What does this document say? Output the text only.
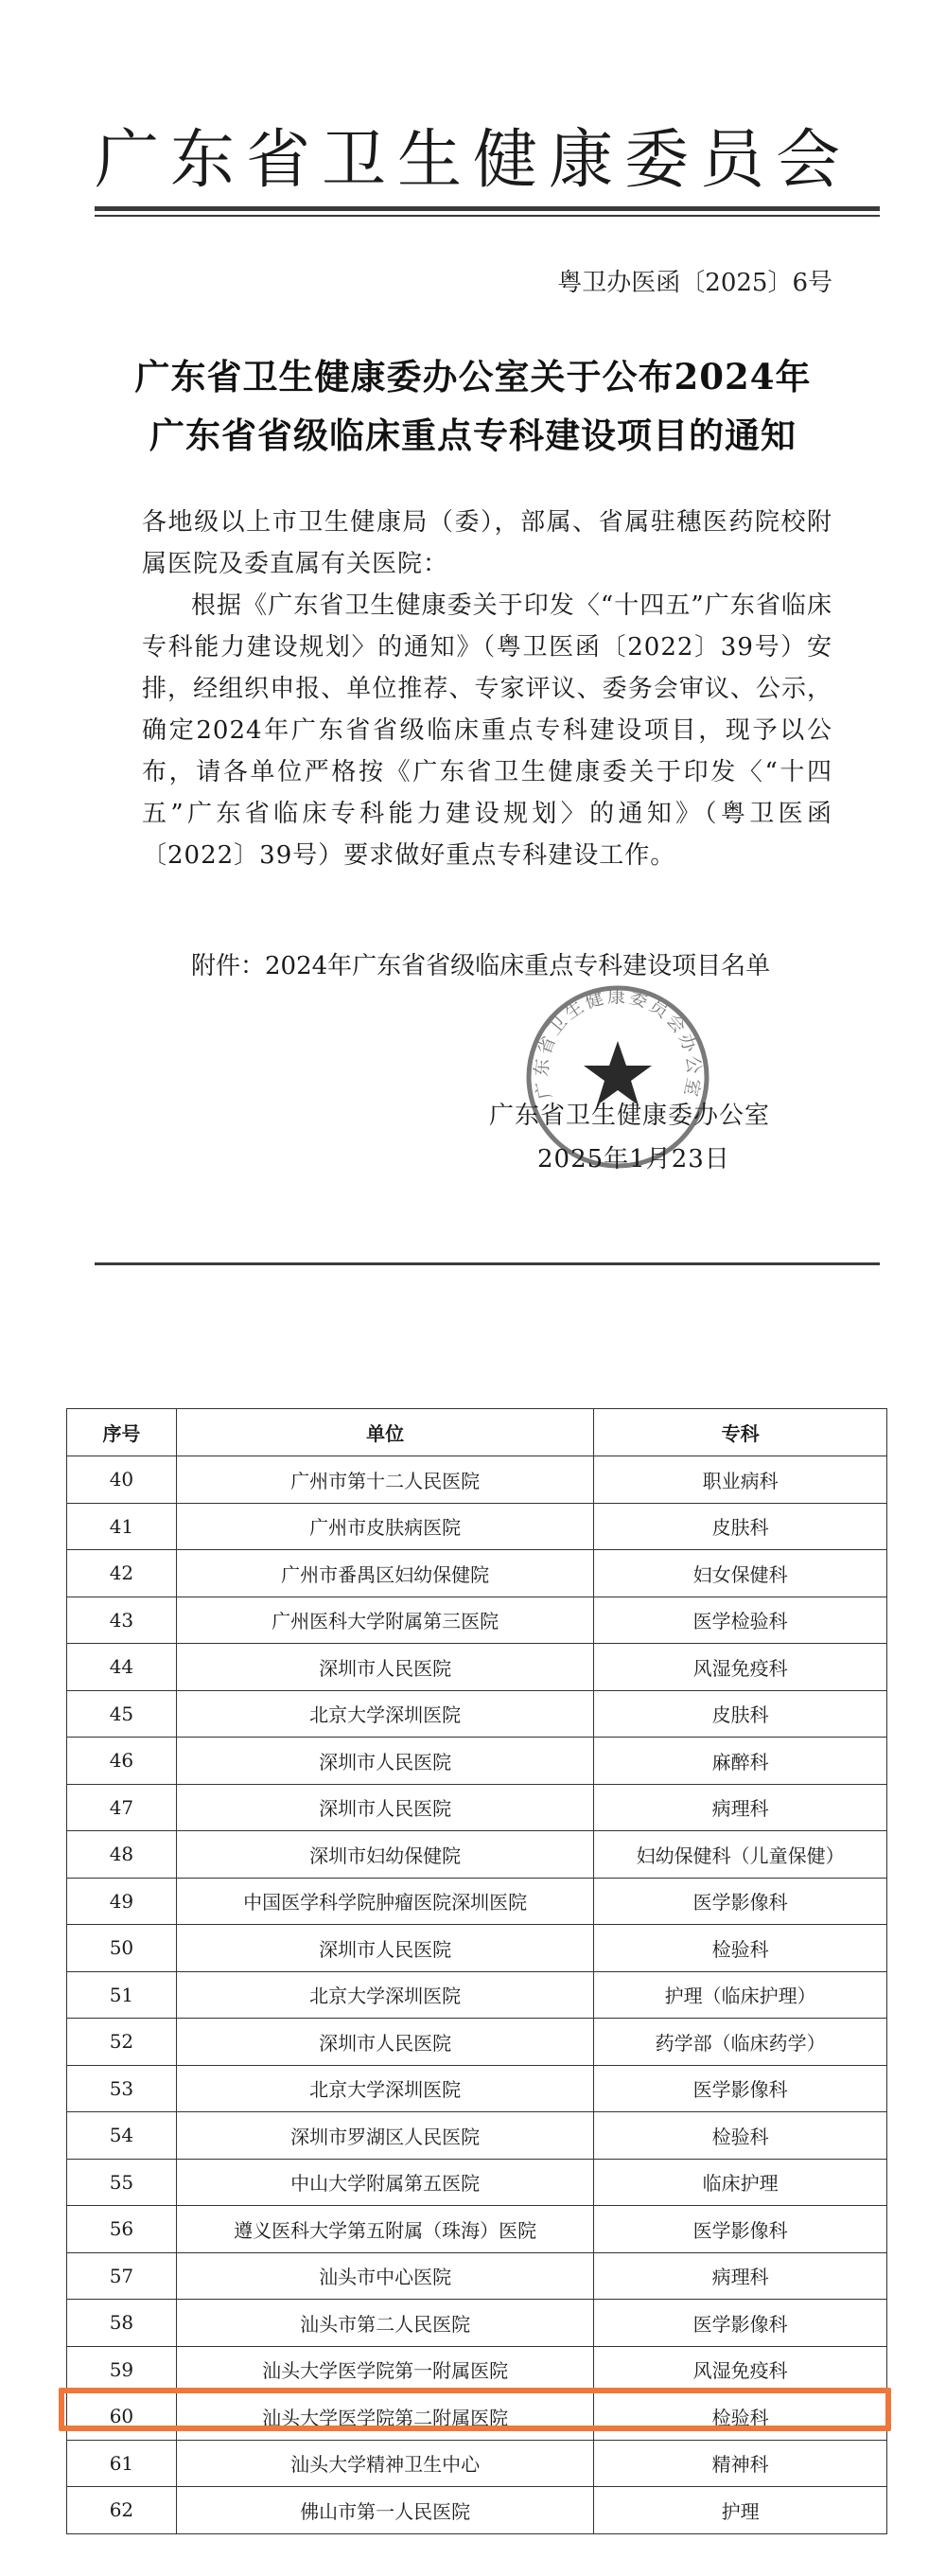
广东省卫生健康委员会
粤卫办医函〔2025〕6号
广东省卫生健康委办公室关于公布2024年
广东省省级临床重点专科建设项目的通知
各地级以上市卫生健康局（委），部属、省属驻穗医药院校附属医院及委直属有关医院：
根据《广东省卫生健康委关于印发〈“十四五”广东省临床专科能力建设规划〉的通知》（粤卫医函〔2022〕39号）安排，经组织申报、单位推荐、专家评议、委务会审议、公示，确定2024年广东省省级临床重点专科建设项目，现予以公布，请各单位严格按《广东省卫生健康委关于印发〈“十四五”广东省临床专科能力建设规划〉的通知》（粤卫医函〔2022〕39号）要求做好重点专科建设工作。
附件：2024年广东省省级临床重点专科建设项目名单
广东省卫生健康委员会办公室
广东省卫生健康委办公室
2025年1月23日
序号	单位	专科
40	广州市第十二人民医院	职业病科
41	广州市皮肤病医院	皮肤科
42	广州市番禺区妇幼保健院	妇女保健科
43	广州医科大学附属第三医院	医学检验科
44	深圳市人民医院	风湿免疫科
45	北京大学深圳医院	皮肤科
46	深圳市人民医院	麻醉科
47	深圳市人民医院	病理科
48	深圳市妇幼保健院	妇幼保健科（儿童保健）
49	中国医学科学院肿瘤医院深圳医院	医学影像科
50	深圳市人民医院	检验科
51	北京大学深圳医院	护理（临床护理）
52	深圳市人民医院	药学部（临床药学）
53	北京大学深圳医院	医学影像科
54	深圳市罗湖区人民医院	检验科
55	中山大学附属第五医院	临床护理
56	遵义医科大学第五附属（珠海）医院	医学影像科
57	汕头市中心医院	病理科
58	汕头市第二人民医院	医学影像科
59	汕头大学医学院第一附属医院	风湿免疫科
60	汕头大学医学院第二附属医院	检验科
61	汕头大学精神卫生中心	精神科
62	佛山市第一人民医院	护理
